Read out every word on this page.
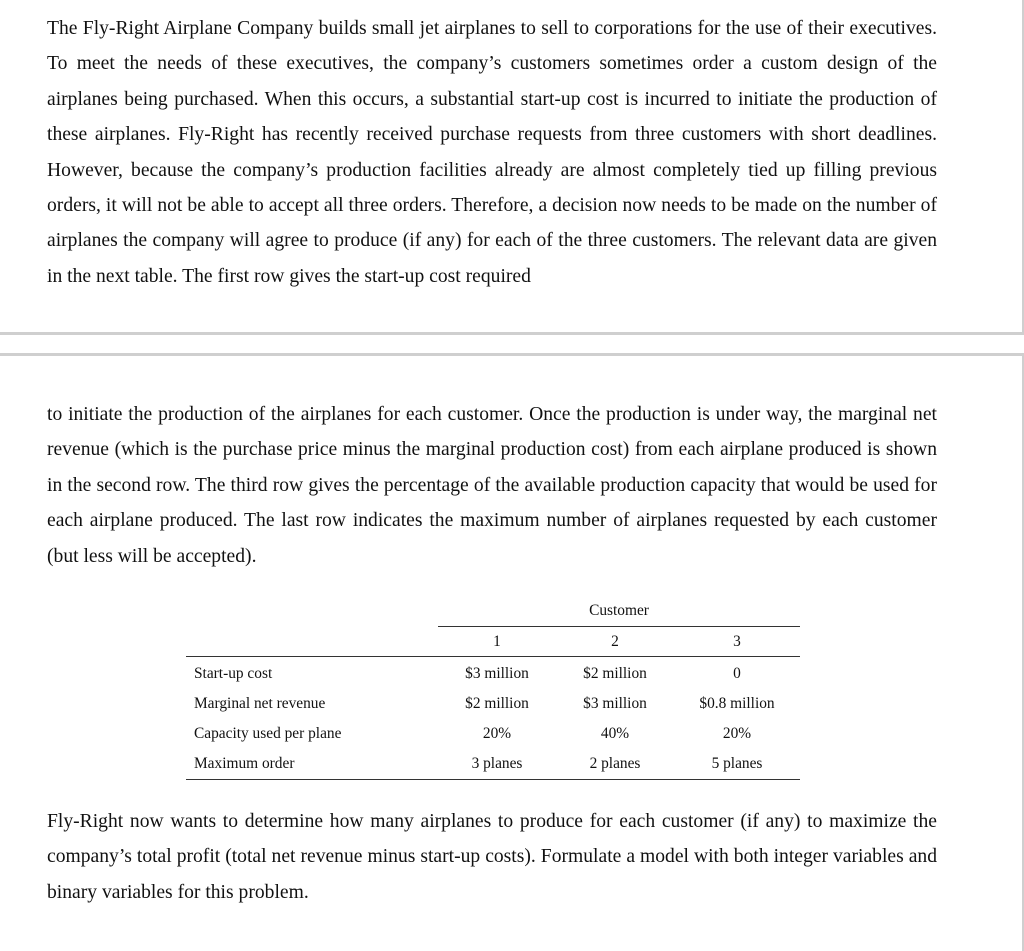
The Fly-Right Airplane Company builds small jet airplanes to sell to corporations for the use of their executives. To meet the needs of these executives, the company’s customers sometimes order a custom design of the airplanes being purchased. When this occurs, a substantial start-up cost is incurred to initiate the production of these airplanes. Fly-Right has recently received purchase requests from three customers with short deadlines. However, because the company’s production facilities already are almost completely tied up filling previous orders, it will not be able to accept all three orders. Therefore, a decision now needs to be made on the number of airplanes the company will agree to produce (if any) for each of the three customers. The relevant data are given in the next table. The first row gives the start-up cost required

to initiate the production of the airplanes for each customer. Once the production is under way, the marginal net revenue (which is the purchase price minus the marginal production cost) from each airplane produced is shown in the second row. The third row gives the percentage of the available production capacity that would be used for each airplane produced. The last row indicates the maximum number of airplanes requested by each customer (but less will be accepted).

	Customer		
	1	2	3
Start-up cost	$3 million	$2 million	0
Marginal net revenue	$2 million	$3 million	$0.8 million
Capacity used per plane	20%	40%	20%
Maximum order	3 planes	2 planes	5 planes

Fly-Right now wants to determine how many airplanes to produce for each customer (if any) to maximize the company’s total profit (total net revenue minus start-up costs). Formulate a model with both integer variables and binary variables for this problem.
